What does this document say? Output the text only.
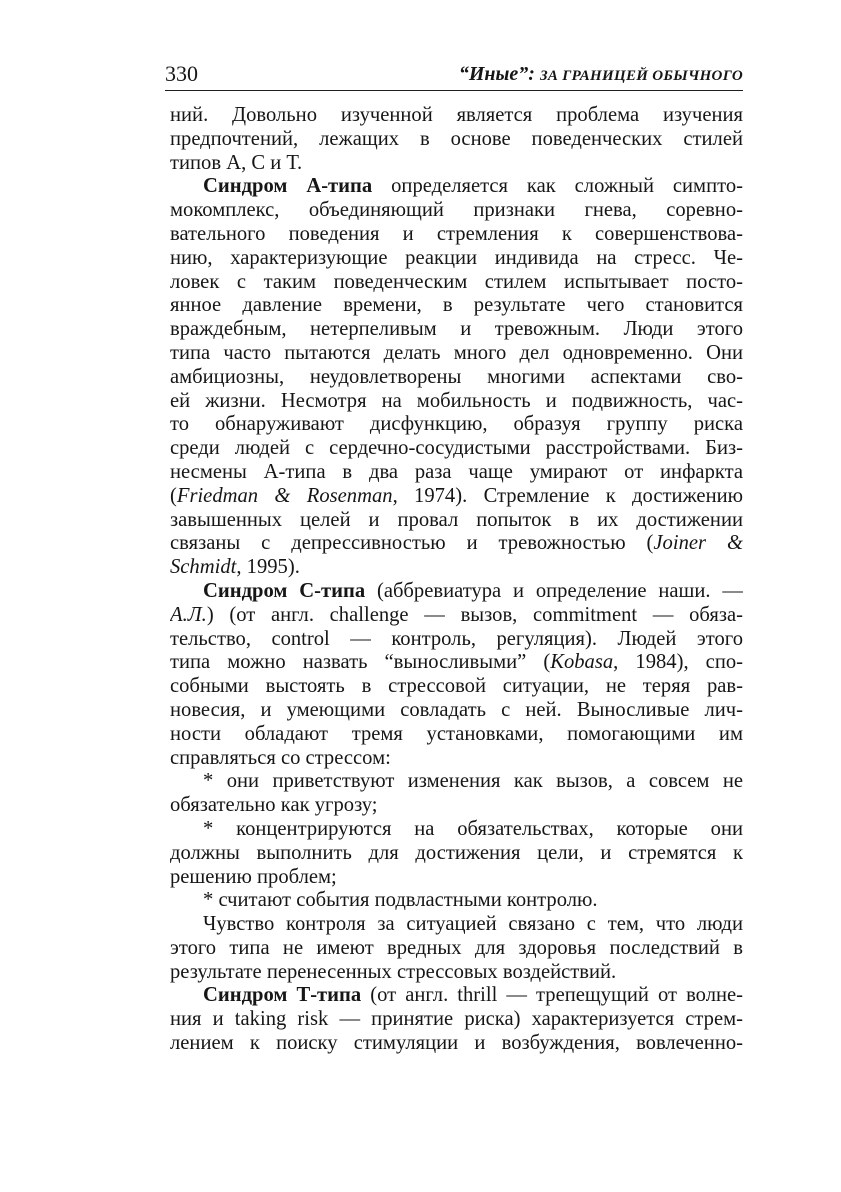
330	“Иные”: ЗА ГРАНИЦЕЙ ОБЫЧНОГО
ний. Довольно изученной является проблема изучения
предпочтений, лежащих в основе поведенческих стилей
типов А, С и Т.
Синдром А-типа определяется как сложный симпто-
мокомплекс, объединяющий признаки гнева, соревно-
вательного поведения и стремления к совершенствова-
нию, характеризующие реакции индивида на стресс. Че-
ловек с таким поведенческим стилем испытывает посто-
янное давление времени, в результате чего становится
враждебным, нетерпеливым и тревожным. Люди этого
типа часто пытаются делать много дел одновременно. Они
амбициозны, неудовлетворены многими аспектами сво-
ей жизни. Несмотря на мобильность и подвижность, час-
то обнаруживают дисфункцию, образуя группу риска
среди людей с сердечно-сосудистыми расстройствами. Биз-
несмены А-типа в два раза чаще умирают от инфаркта
(Friedman & Rosenman, 1974). Стремление к достижению
завышенных целей и провал попыток в их достижении
связаны с депрессивностью и тревожностью (Joiner &
Schmidt, 1995).
Синдром С-типа (аббревиатура и определение наши. —
А.Л.) (от англ. challenge — вызов, commitment — обяза-
тельство, control — контроль, регуляция). Людей этого
типа можно назвать “выносливыми” (Kobasa, 1984), спо-
собными выстоять в стрессовой ситуации, не теряя рав-
новесия, и умеющими совладать с ней. Выносливые лич-
ности обладают тремя установками, помогающими им
справляться со стрессом:
* они приветствуют изменения как вызов, а совсем не
обязательно как угрозу;
* концентрируются на обязательствах, которые они
должны выполнить для достижения цели, и стремятся к
решению проблем;
* считают события подвластными контролю.
Чувство контроля за ситуацией связано с тем, что люди
этого типа не имеют вредных для здоровья последствий в
результате перенесенных стрессовых воздействий.
Синдром Т-типа (от англ. thrill — трепещущий от волне-
ния и taking risk — принятие риска) характеризуется стрем-
лением к поиску стимуляции и возбуждения, вовлеченно-
